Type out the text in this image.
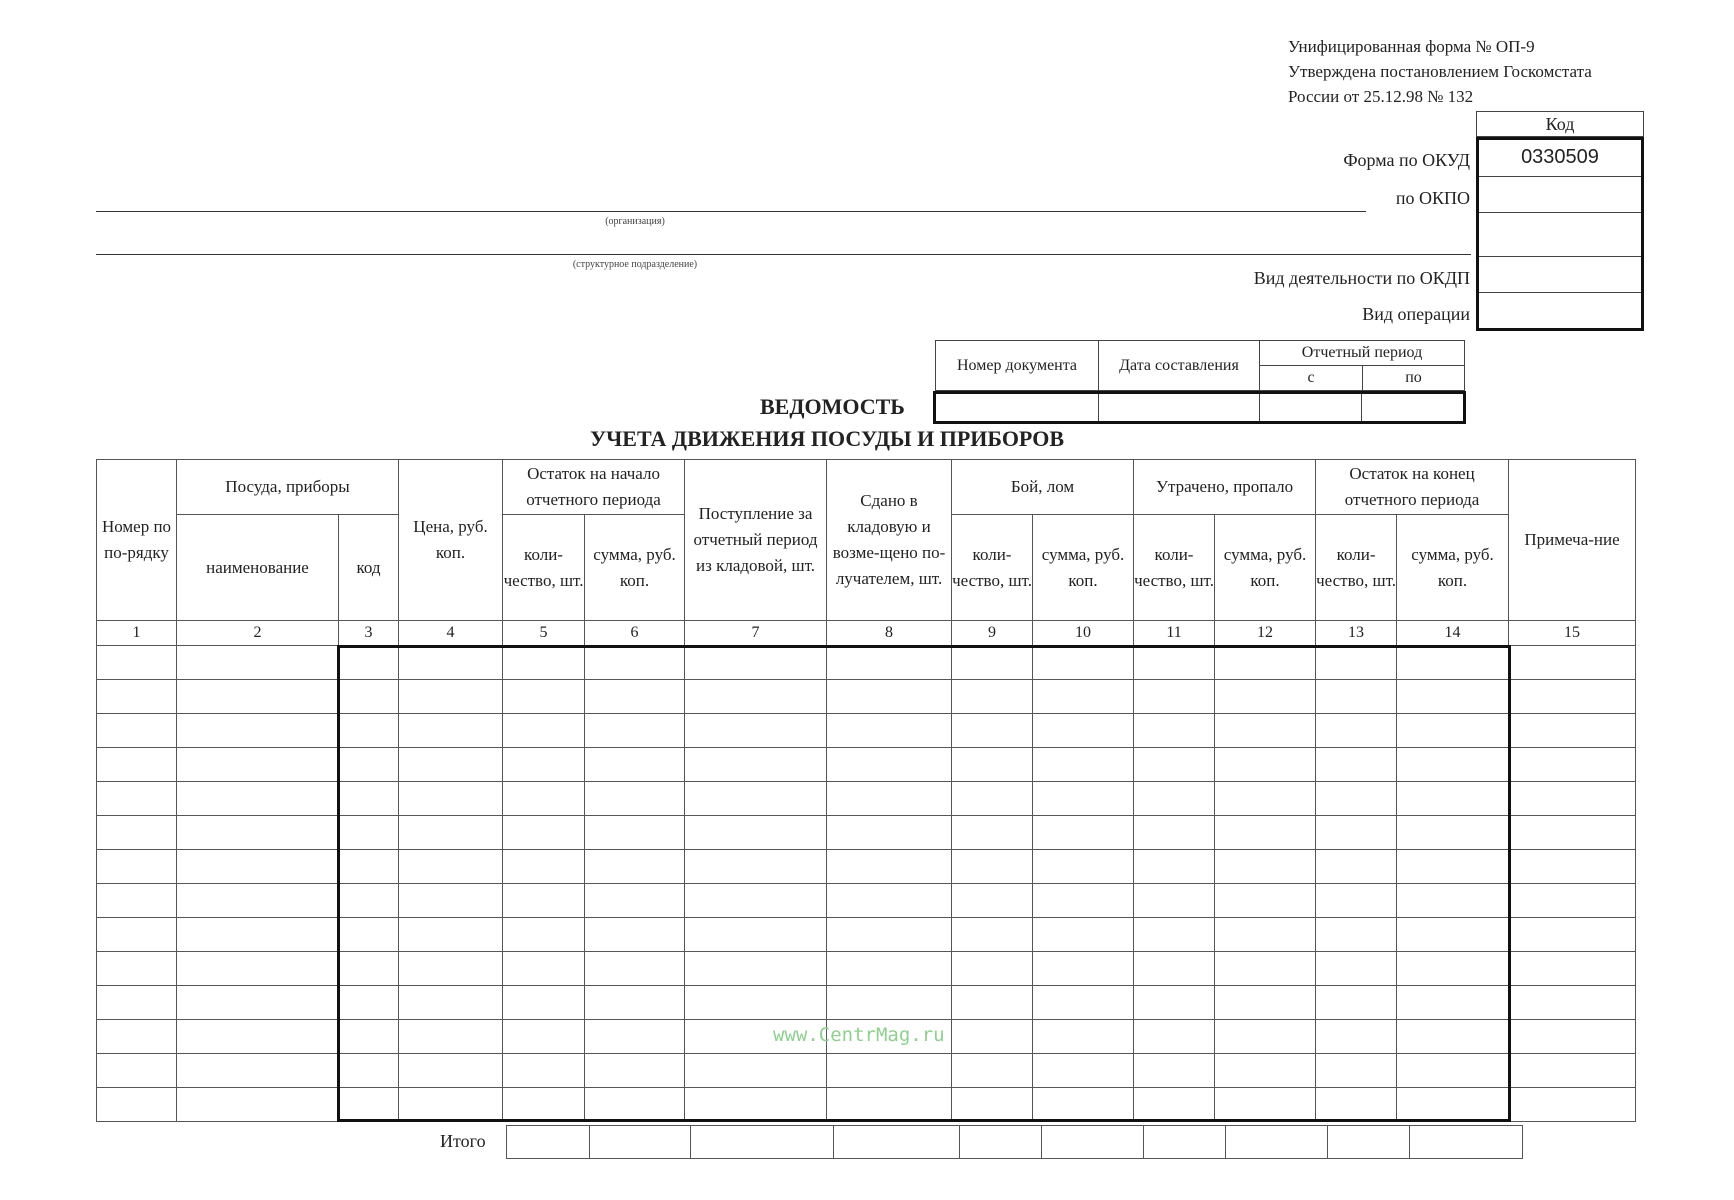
Унифицированная форма № ОП-9
Утверждена постановлением Госкомстата
России от 25.12.98 № 132
Код
0330509
Форма по ОКУД
по ОКПО
Вид деятельности по ОКДП
Вид операции
(организация)
(структурное подразделение)
Номер документа	Дата составления	Отчетный период	
		с	по
ВЕДОМОСТЬ
УЧЕТА ДВИЖЕНИЯ ПОСУДЫ И ПРИБОРОВ
Номер по по-рядку	Посуда, приборы		Цена, руб. коп.	Остаток на начало отчетного периода		Поступление за отчетный период из кладовой, шт.	Сдано в кладовую и возме-щено по-лучателем, шт.	Бой, лом		Утрачено, пропало		Остаток на конец отчетного периода		Примеча-ние
	наименование	код		коли-чество, шт.	сумма, руб. коп.			коли-чество, шт.	сумма, руб. коп.	коли-чество, шт.	сумма, руб. коп.	коли-чество, шт.	сумма, руб. коп.	
1	2	3	4	5	6	7	8	9	10	11	12	13	14	15

Итого

www.CentrMag.ru
